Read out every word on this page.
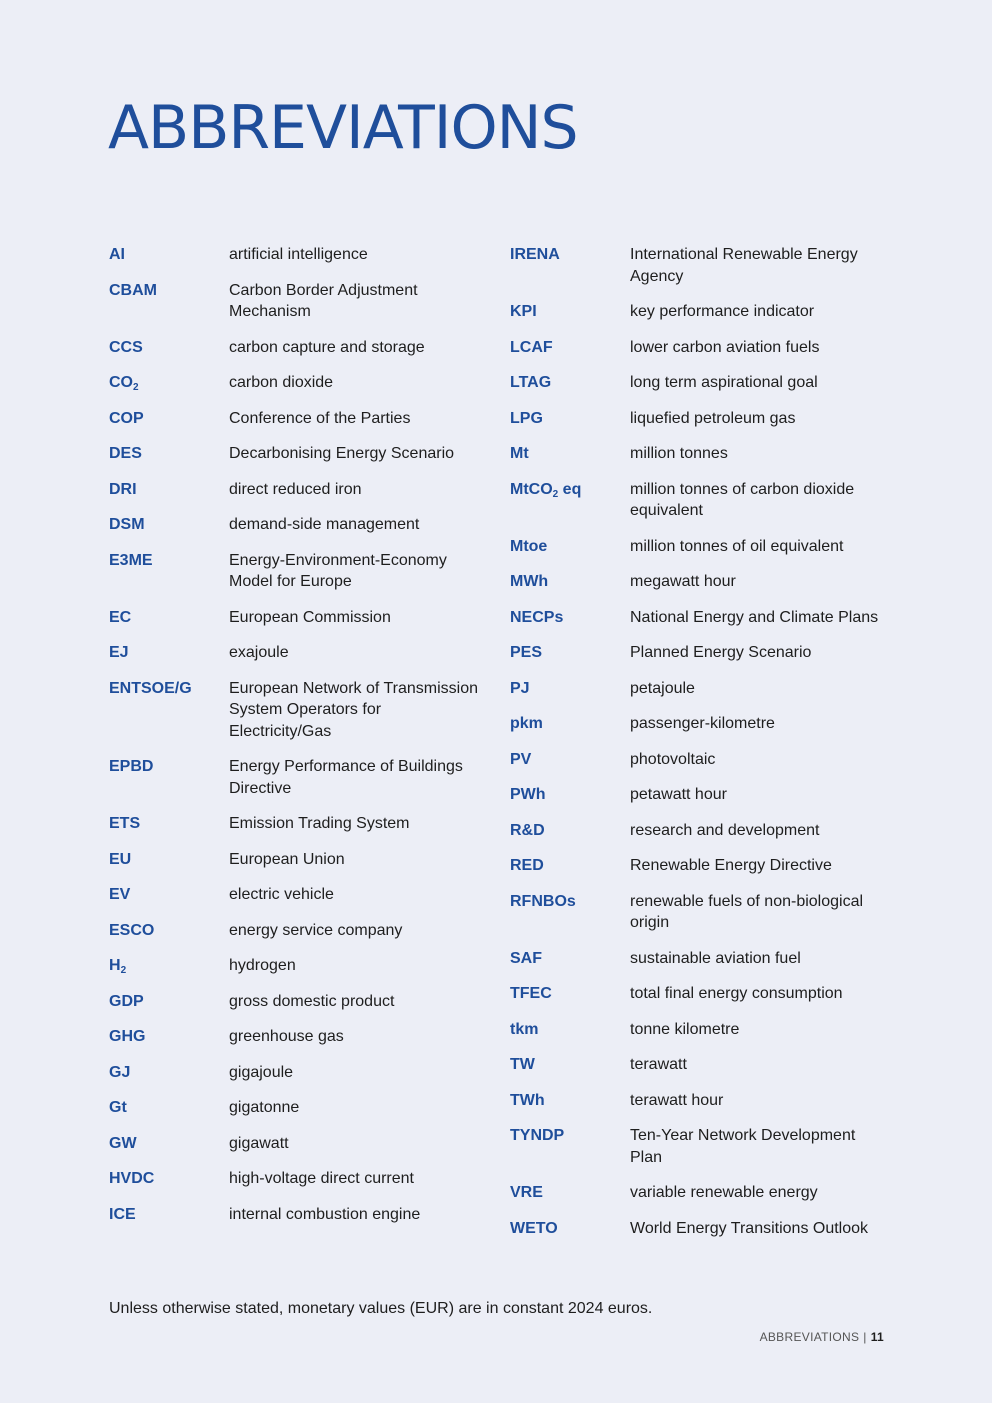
ABBREVIATIONS
AI	artificial intelligence
CBAM	Carbon Border Adjustment Mechanism
CCS	carbon capture and storage
$CO_2$	carbon dioxide
COP	Conference of the Parties
DES	Decarbonising Energy Scenario
DRI	direct reduced iron
DSM	demand-side management
E3ME	Energy-Environment-Economy Model for Europe
EC	European Commission
EJ	exajoule
ENTSOE/G	European Network of Transmission System Operators for Electricity/Gas
EPBD	Energy Performance of Buildings Directive
ETS	Emission Trading System
EU	European Union
EV	electric vehicle
ESCO	energy service company
$H_2$	hydrogen
GDP	gross domestic product
GHG	greenhouse gas
GJ	gigajoule
Gt	gigatonne
GW	gigawatt
HVDC	high-voltage direct current
ICE	internal combustion engine
IRENA	International Renewable Energy Agency
KPI	key performance indicator
LCAF	lower carbon aviation fuels
LTAG	long term aspirational goal
LPG	liquefied petroleum gas
Mt	million tonnes
MtCO$_2$ eq	million tonnes of carbon dioxide equivalent
Mtoe	million tonnes of oil equivalent
MWh	megawatt hour
NECPs	National Energy and Climate Plans
PES	Planned Energy Scenario
PJ	petajoule
pkm	passenger-kilometre
PV	photovoltaic
PWh	petawatt hour
R&D	research and development
RED	Renewable Energy Directive
RFNBOs	renewable fuels of non-biological origin
SAF	sustainable aviation fuel
TFEC	total final energy consumption
tkm	tonne kilometre
TW	terawatt
TWh	terawatt hour
TYNDP	Ten-Year Network Development Plan
VRE	variable renewable energy
WETO	World Energy Transitions Outlook

Unless otherwise stated, monetary values (EUR) are in constant 2024 euros.

ABBREVIATIONS | 11
